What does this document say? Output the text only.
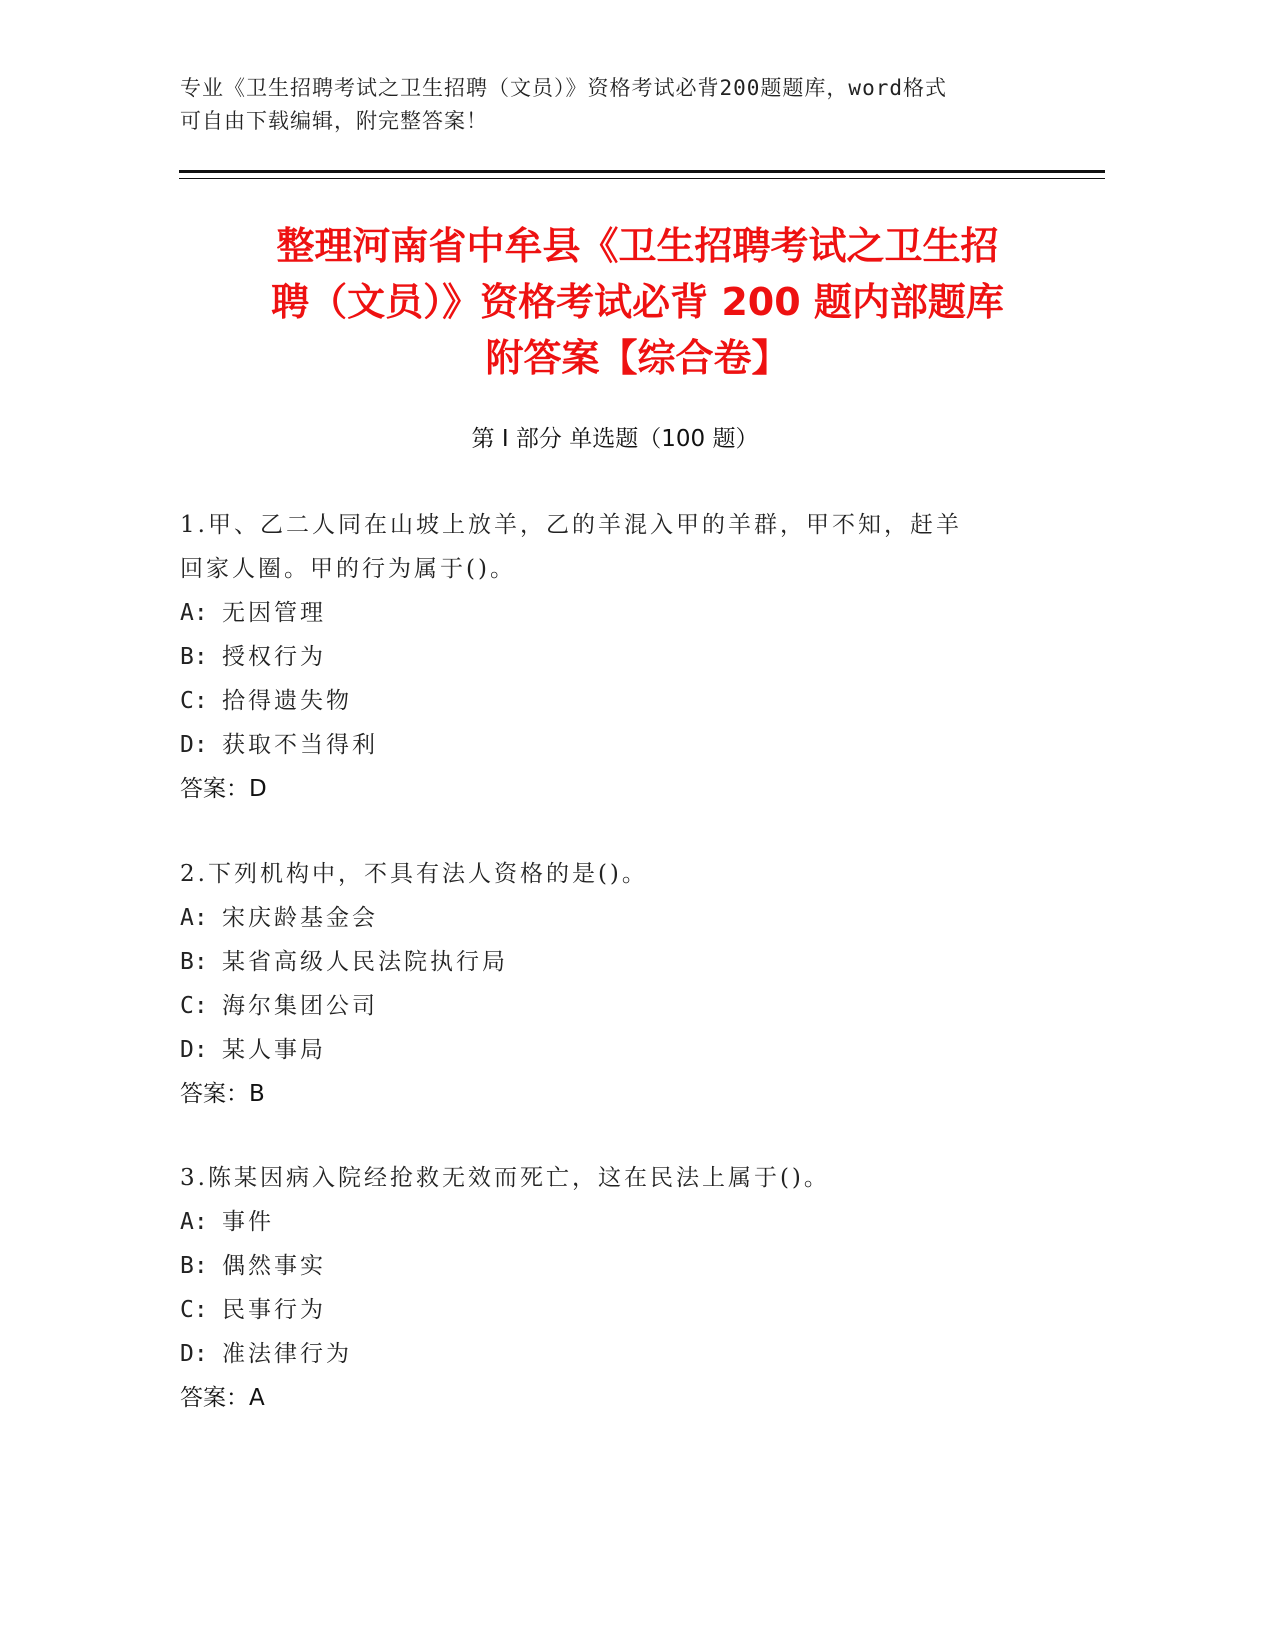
专业《卫生招聘考试之卫生招聘（文员）》资格考试必背200题题库，word格式
可自由下载编辑，附完整答案！
整理河南省中牟县《卫生招聘考试之卫生招
聘（文员）》资格考试必背 200 题内部题库
附答案【综合卷】
第 I 部分 单选题（100 题）

1.甲、乙二人同在山坡上放羊，乙的羊混入甲的羊群，甲不知，赶羊

回家人圈。甲的行为属于()。

A: 无因管理

B: 授权行为

C: 拾得遗失物

D: 获取不当得利

答案：D

2.下列机构中，不具有法人资格的是()。

A: 宋庆龄基金会

B: 某省高级人民法院执行局

C: 海尔集团公司

D: 某人事局

答案：B

3.陈某因病入院经抢救无效而死亡，这在民法上属于()。

A: 事件

B: 偶然事实

C: 民事行为

D: 准法律行为

答案：A
